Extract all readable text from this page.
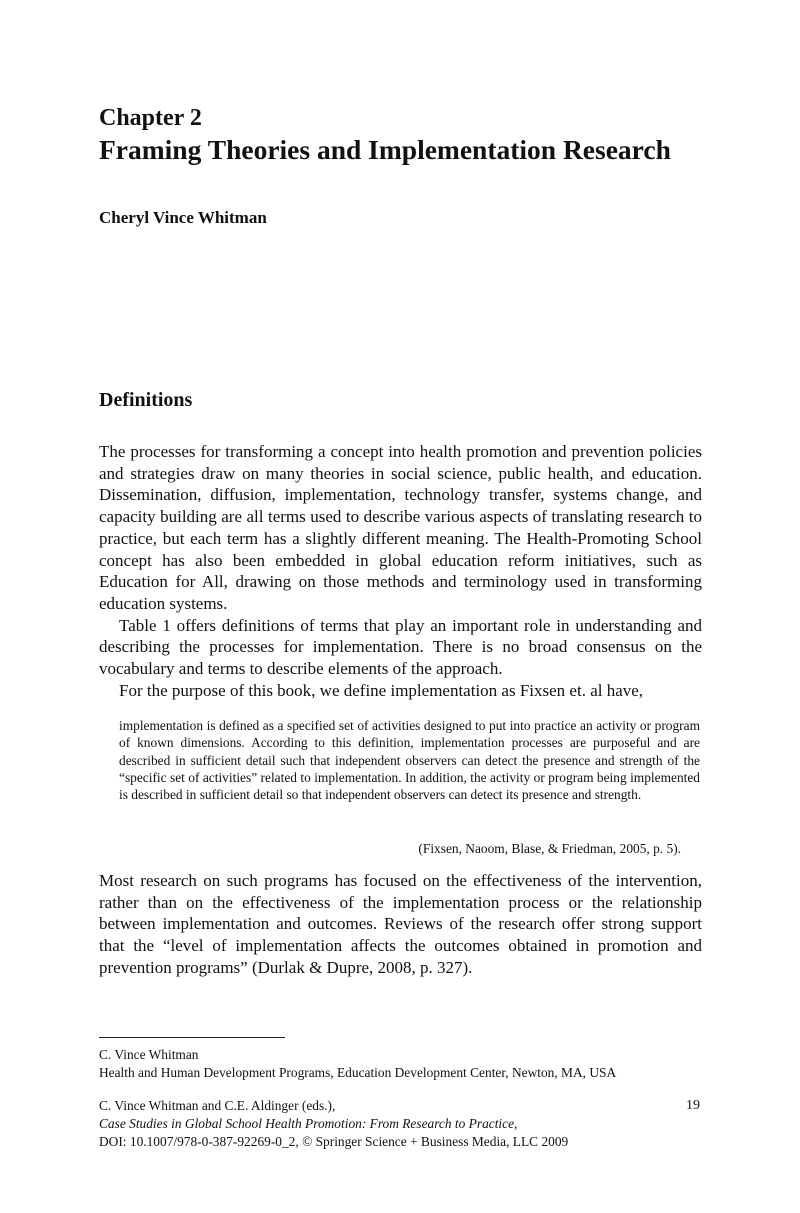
Chapter 2
Framing Theories and Implementation Research
Cheryl Vince Whitman
Definitions

The processes for transforming a concept into health promotion and prevention policies and strategies draw on many theories in social science, public health, and education. Dissemination, diffusion, implementation, technology transfer, systems change, and capacity building are all terms used to describe various aspects of translating research to practice, but each term has a slightly different meaning. The Health-Promoting School concept has also been embedded in global education reform initiatives, such as Education for All, drawing on those methods and terminology used in transforming education systems.

Table 1 offers definitions of terms that play an important role in understanding and describing the processes for implementation. There is no broad consensus on the vocabulary and terms to describe elements of the approach.

For the purpose of this book, we define implementation as Fixsen et. al have,

implementation is defined as a specified set of activities designed to put into practice an activity or program of known dimensions. According to this definition, implementation processes are purposeful and are described in sufficient detail such that independent observers can detect the presence and strength of the “specific set of activities” related to implementation. In addition, the activity or program being implemented is described in sufficient detail so that independent observers can detect its presence and strength.

(Fixsen, Naoom, Blase, & Friedman, 2005, p. 5).

Most research on such programs has focused on the effectiveness of the intervention, rather than on the effectiveness of the implementation process or the relationship between implementation and outcomes. Reviews of the research offer strong support that the “level of implementation affects the outcomes obtained in promotion and prevention programs” (Durlak & Dupre, 2008, p. 327).

C. Vince Whitman
Health and Human Development Programs, Education Development Center, Newton, MA, USA
C. Vince Whitman and C.E. Aldinger (eds.),
Case Studies in Global School Health Promotion: From Research to Practice,
DOI: 10.1007/978-0-387-92269-0_2, © Springer Science + Business Media, LLC 2009
19
